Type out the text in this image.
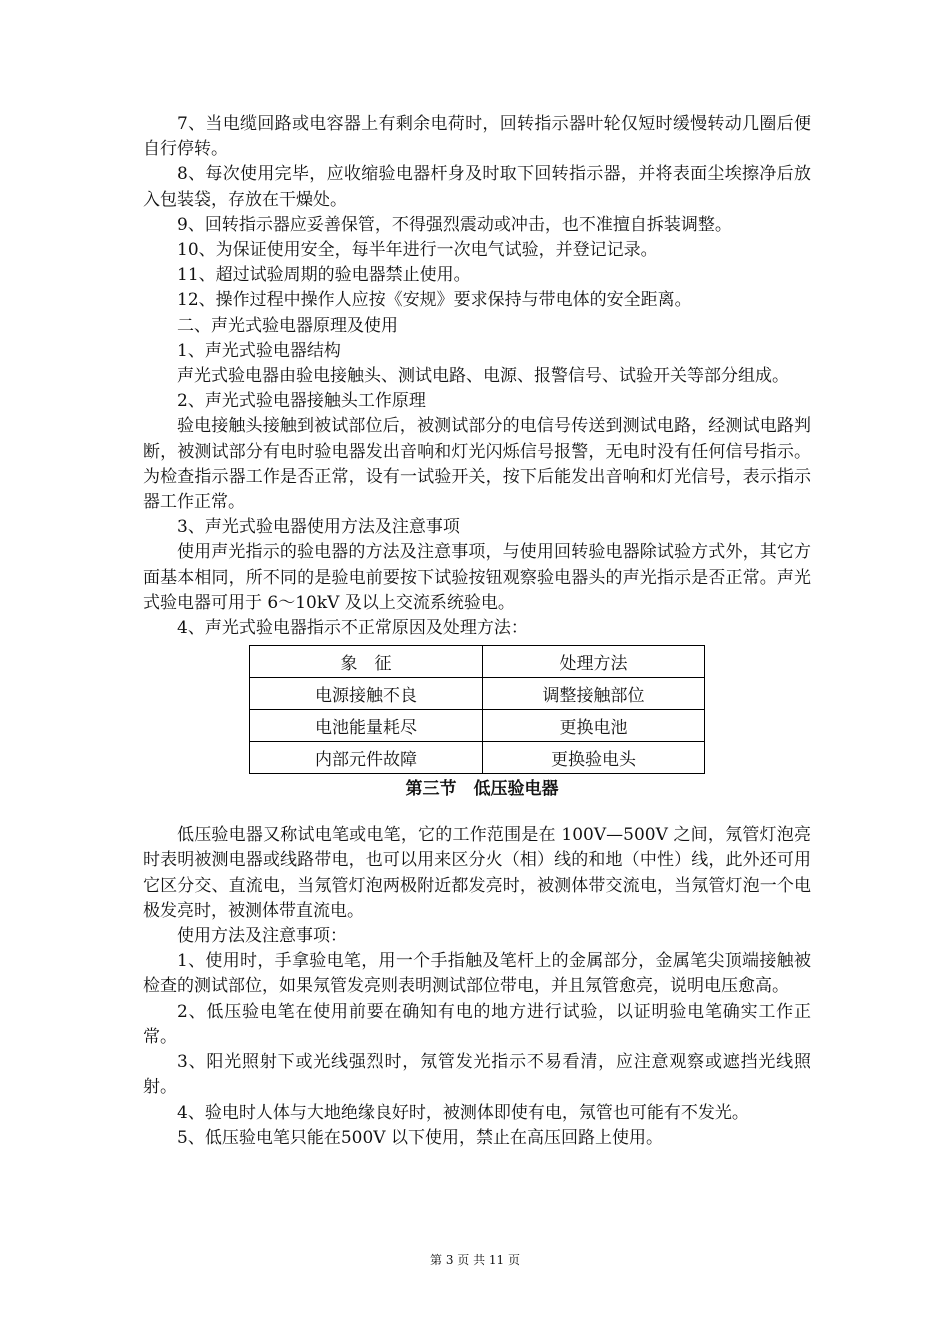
7、当电缆回路或电容器上有剩余电荷时，回转指示器叶轮仅短时缓慢转动几圈后便自行停转。

8、每次使用完毕，应收缩验电器杆身及时取下回转指示器，并将表面尘埃擦净后放入包装袋，存放在干燥处。

9、回转指示器应妥善保管，不得强烈震动或冲击，也不准擅自拆装调整。

10、为保证使用安全，每半年进行一次电气试验，并登记记录。

11、超过试验周期的验电器禁止使用。

12、操作过程中操作人应按《安规》要求保持与带电体的安全距离。

二、声光式验电器原理及使用

1、声光式验电器结构

声光式验电器由验电接触头、测试电路、电源、报警信号、试验开关等部分组成。

2、声光式验电器接触头工作原理

验电接触头接触到被试部位后，被测试部分的电信号传送到测试电路，经测试电路判断，被测试部分有电时验电器发出音响和灯光闪烁信号报警，无电时没有任何信号指示。为检查指示器工作是否正常，设有一试验开关，按下后能发出音响和灯光信号，表示指示器工作正常。

3、声光式验电器使用方法及注意事项

使用声光指示的验电器的方法及注意事项，与使用回转验电器除试验方式外，其它方面基本相同，所不同的是验电前要按下试验按钮观察验电器头的声光指示是否正常。声光式验电器可用于 6～10kV 及以上交流系统验电。

4、声光式验电器指示不正常原因及处理方法：

象　征	处理方法
电源接触不良	调整接触部位
电池能量耗尽	更换电池
内部元件故障	更换验电头
第三节　低压验电器

低压验电器又称试电笔或电笔，它的工作范围是在 100V—500V 之间，氖管灯泡亮时表明被测电器或线路带电，也可以用来区分火（相）线的和地（中性）线，此外还可用它区分交、直流电，当氖管灯泡两极附近都发亮时，被测体带交流电，当氖管灯泡一个电极发亮时，被测体带直流电。

使用方法及注意事项：

1、使用时，手拿验电笔，用一个手指触及笔杆上的金属部分，金属笔尖顶端接触被检查的测试部位，如果氖管发亮则表明测试部位带电，并且氖管愈亮，说明电压愈高。

2、低压验电笔在使用前要在确知有电的地方进行试验，以证明验电笔确实工作正常。

3、阳光照射下或光线强烈时，氖管发光指示不易看清，应注意观察或遮挡光线照射。

4、验电时人体与大地绝缘良好时，被测体即使有电，氖管也可能有不发光。

5、低压验电笔只能在500V 以下使用，禁止在高压回路上使用。

第 3 页 共 11 页
